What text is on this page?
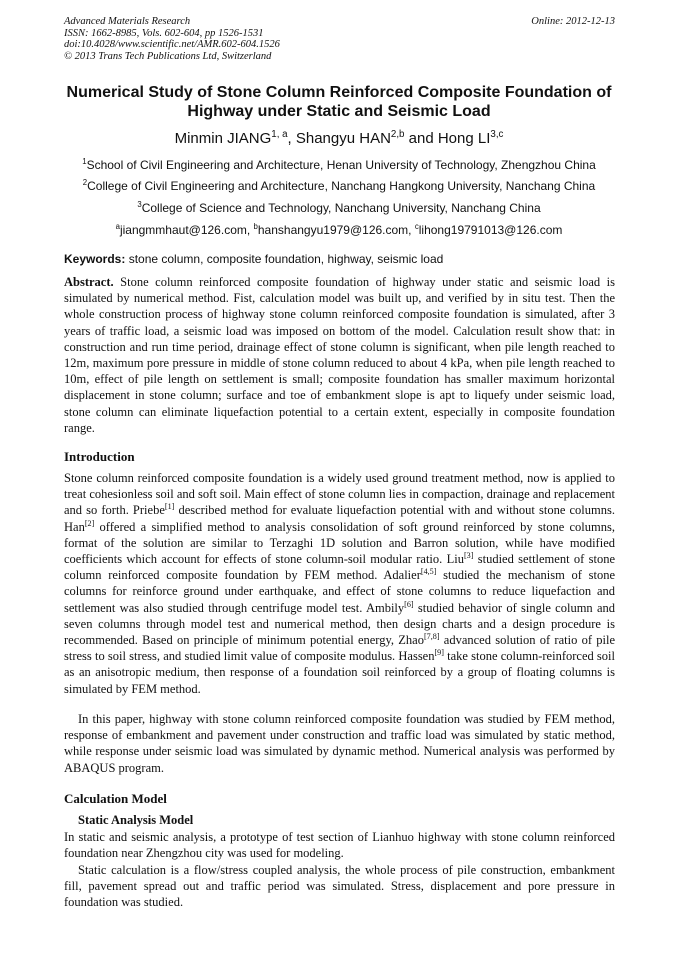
Advanced Materials Research
ISSN: 1662-8985, Vols. 602-604, pp 1526-1531
doi:10.4028/www.scientific.net/AMR.602-604.1526
© 2013 Trans Tech Publications Ltd, Switzerland
Online: 2012-12-13
Numerical Study of Stone Column Reinforced Composite Foundation of
Highway under Static and Seismic Load
Minmin JIANG$^{1, a}$, Shangyu HAN$^{2,b}$ and Hong LI$^{3,c}$
$^1$School of Civil Engineering and Architecture, Henan University of Technology, Zhengzhou China
$^2$College of Civil Engineering and Architecture, Nanchang Hangkong University, Nanchang China
$^3$College of Science and Technology, Nanchang University, Nanchang China
$^a$jiangmmhaut@126.com, $^b$hanshangyu1979@126.com, $^c$lihong19791013@126.com
Keywords: stone column, composite foundation, highway, seismic load
Abstract. Stone column reinforced composite foundation of highway under static and seismic load is simulated by numerical method. Fist, calculation model was built up, and verified by in situ test. Then the whole construction process of highway stone column reinforced composite foundation is simulated, after 3 years of traffic load, a seismic load was imposed on bottom of the model. Calculation result show that: in construction and run time period, drainage effect of stone column is significant, when pile length reached to 12m, maximum pore pressure in middle of stone column reduced to about 4 kPa, when pile length reached to 10m, effect of pile length on settlement is small; composite foundation has smaller maximum horizontal displacement in stone column; surface and toe of embankment slope is apt to liquefy under seismic load, stone column can eliminate liquefaction potential to a certain extent, especially in composite foundation range.
Introduction
Stone column reinforced composite foundation is a widely used ground treatment method, now is applied to treat cohesionless soil and soft soil. Main effect of stone column lies in compaction, drainage and replacement and so forth. Priebe[1] described method for evaluate liquefaction potential with and without stone columns. Han[2] offered a simplified method to analysis consolidation of soft ground reinforced by stone columns, format of the solution are similar to Terzaghi 1D solution and Barron solution, while have modified coefficients which account for effects of stone column-soil modular ratio. Liu[3] studied settlement of stone column reinforced composite foundation by FEM method. Adalier[4,5] studied the mechanism of stone columns for reinforce ground under earthquake, and effect of stone columns to reduce liquefaction and settlement was also studied through centrifuge model test. Ambily[6] studied behavior of single column and seven columns through model test and numerical method, then design charts and a design procedure is recommended. Based on principle of minimum potential energy, Zhao[7,8] advanced solution of ratio of pile stress to soil stress, and studied limit value of composite modulus. Hassen[9] take stone column-reinforced soil as an anisotropic medium, then response of a foundation soil reinforced by a group of floating columns is simulated by FEM method.
In this paper, highway with stone column reinforced composite foundation was studied by FEM method, response of embankment and pavement under construction and traffic load was simulated by static method, while response under seismic load was simulated by dynamic method. Numerical analysis was performed by ABAQUS program.
Calculation Model
Static Analysis Model
In static and seismic analysis, a prototype of test section of Lianhuo highway with stone column reinforced foundation near Zhengzhou city was used for modeling.
Static calculation is a flow/stress coupled analysis, the whole process of pile construction, embankment fill, pavement spread out and traffic period was simulated. Stress, displacement and pore pressure in foundation was studied.
